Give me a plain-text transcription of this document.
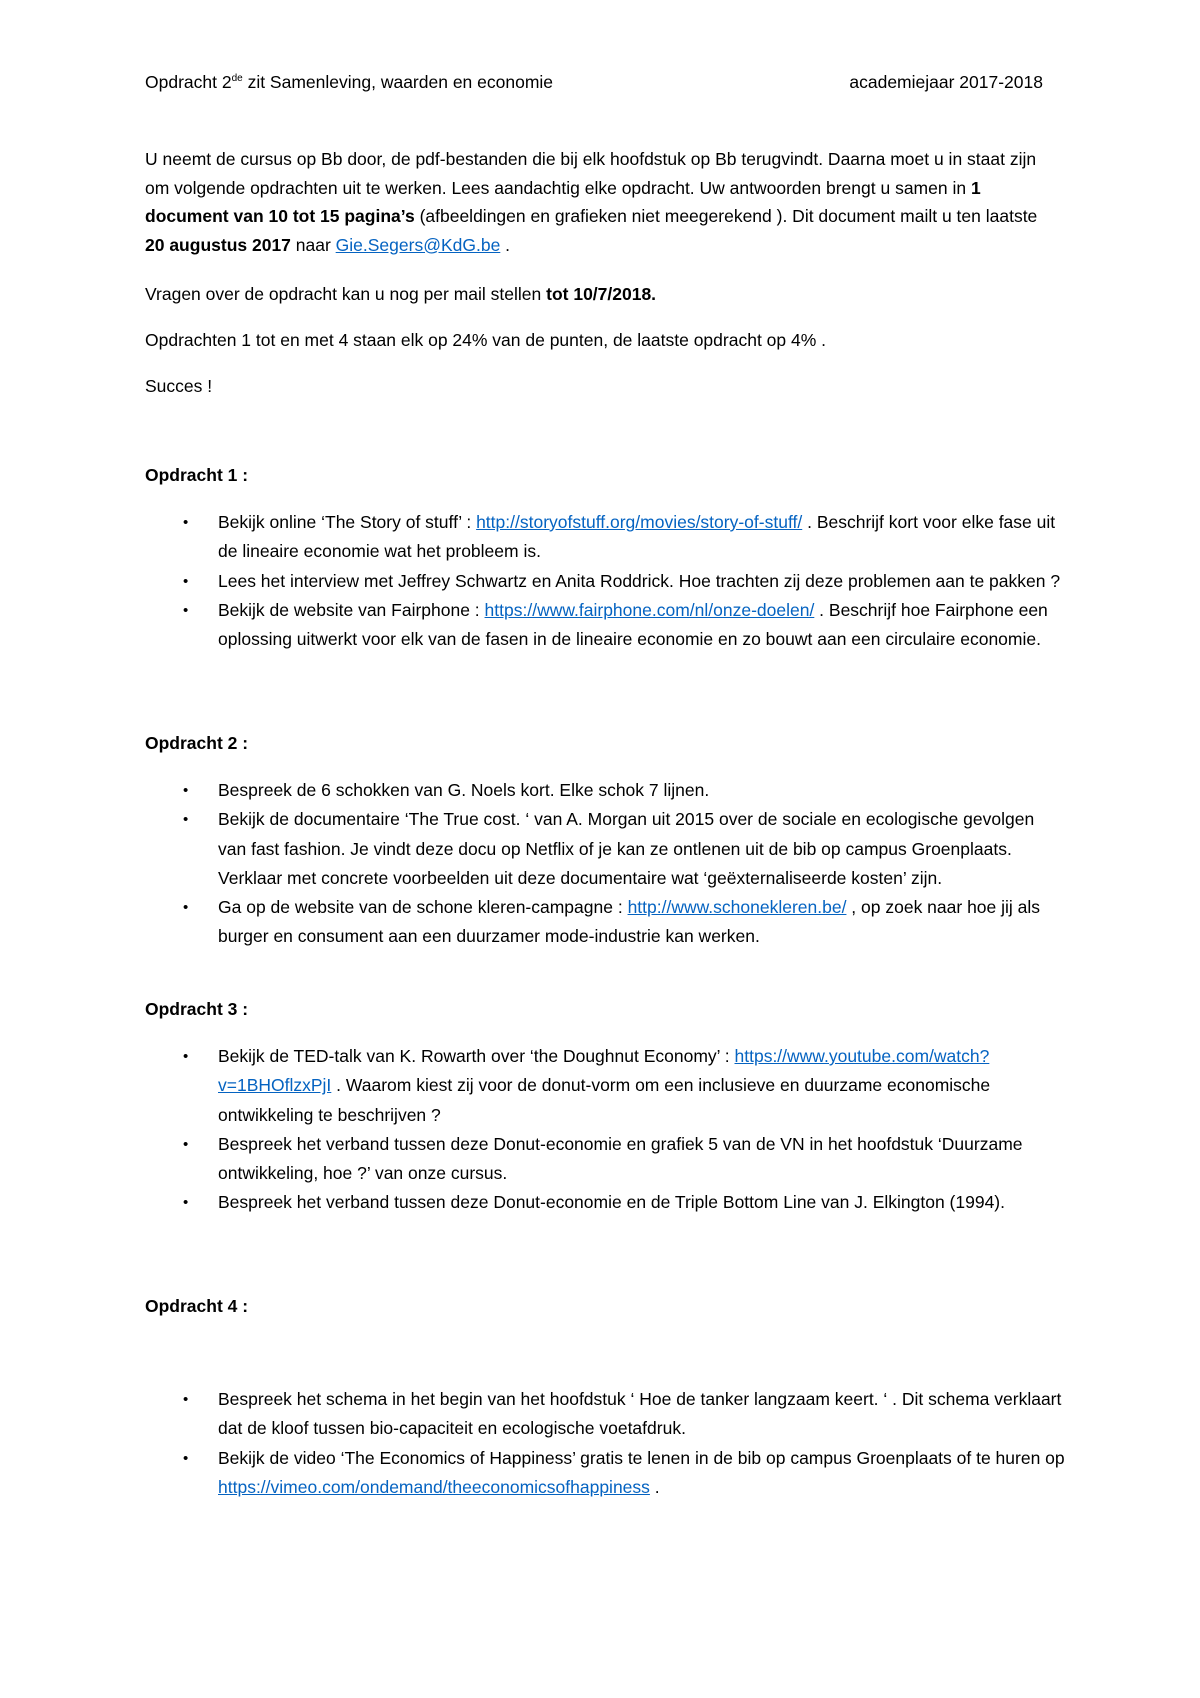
Opdracht 2de zit Samenleving, waarden en economie	academiejaar 2017-2018

U neemt de cursus op Bb door, de pdf-bestanden die bij elk hoofdstuk op Bb terugvindt. Daarna moet u in staat zijn om volgende opdrachten uit te werken. Lees aandachtig elke opdracht. Uw antwoorden brengt u samen in 1 document van 10 tot 15 pagina’s (afbeeldingen en grafieken niet meegerekend ). Dit document mailt u ten laatste 20 augustus 2017 naar Gie.Segers@KdG.be .

Vragen over de opdracht kan u nog per mail stellen tot 10/7/2018.

Opdrachten 1 tot en met 4 staan elk op 24% van de punten, de laatste opdracht op 4% .

Succes !

Opdracht 1 :

• Bekijk online ‘The Story of stuff’ : http://storyofstuff.org/movies/story-of-stuff/ . Beschrijf kort voor elke fase uit de lineaire economie wat het probleem is.
• Lees het interview met Jeffrey Schwartz en Anita Roddrick. Hoe trachten zij deze problemen aan te pakken ?
• Bekijk de website van Fairphone : https://www.fairphone.com/nl/onze-doelen/ . Beschrijf hoe Fairphone een oplossing uitwerkt voor elk van de fasen in de lineaire economie en zo bouwt aan een circulaire economie.

Opdracht 2 :

• Bespreek de 6 schokken van G. Noels kort. Elke schok 7 lijnen.
• Bekijk de documentaire ‘The True cost. ‘ van A. Morgan uit 2015 over de sociale en ecologische gevolgen van fast fashion. Je vindt deze docu op Netflix of je kan ze ontlenen uit de bib op campus Groenplaats. Verklaar met concrete voorbeelden uit deze documentaire wat ‘geëxternaliseerde kosten’ zijn.
• Ga op de website van de schone kleren-campagne : http://www.schonekleren.be/ , op zoek naar hoe jij als burger en consument aan een duurzamer mode-industrie kan werken.

Opdracht 3 :

• Bekijk de TED-talk van K. Rowarth over ‘the Doughnut Economy’ : https://www.youtube.com/watch?v=1BHOflzxPjI . Waarom kiest zij voor de donut-vorm om een inclusieve en duurzame economische ontwikkeling te beschrijven ?
• Bespreek het verband tussen deze Donut-economie en grafiek 5 van de VN in het hoofdstuk ‘Duurzame ontwikkeling, hoe ?’ van onze cursus.
• Bespreek het verband tussen deze Donut-economie en de Triple Bottom Line van J. Elkington (1994).

Opdracht 4 :

• Bespreek het schema in het begin van het hoofdstuk ‘ Hoe de tanker langzaam keert. ‘ . Dit schema verklaart dat de kloof tussen bio-capaciteit en ecologische voetafdruk.
• Bekijk de video ‘The Economics of Happiness’ gratis te lenen in de bib op campus Groenplaats of te huren op https://vimeo.com/ondemand/theeconomicsofhappiness .
